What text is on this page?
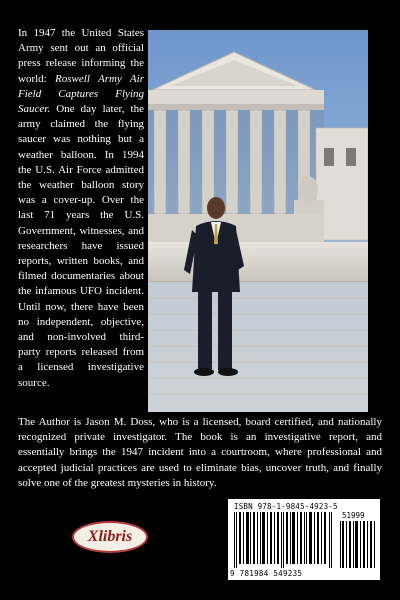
In 1947 the United States Army sent out an official press release informing the world: Roswell Army Air Field Captures Flying Saucer. One day later, the army claimed the flying saucer was nothing but a weather balloon. In 1994 the U.S. Air Force admitted the weather balloon story was a cover-up. Over the last 71 years the U.S. Government, witnesses, and researchers have issued reports, written books, and filmed documentaries about the infamous UFO incident. Until now, there have been no independent, objective, and non-involved third-party reports released from a licensed investigative source.

The Author is Jason M. Doss, who is a licensed, board certified, and nationally recognized private investigator. The book is an investigative report, and essentially brings the 1947 incident into a courtroom, where professional and accepted judicial practices are used to eliminate bias, uncover truth, and finally solve one of the greatest mysteries in history.
Xlibris
ISBN 978-1-9845-4923-5
51999
9 781984 549235
